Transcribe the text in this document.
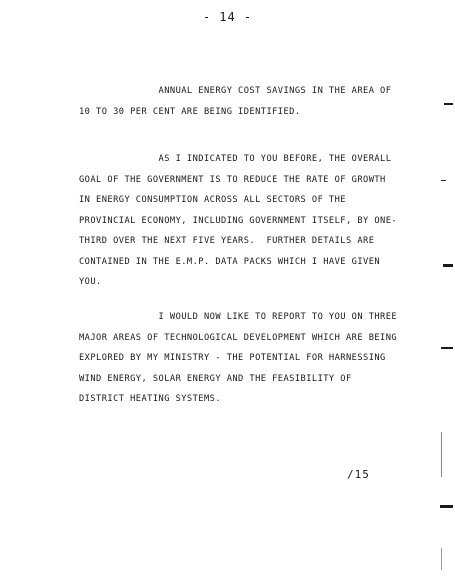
- 14 -

ANNUAL ENERGY COST SAVINGS IN THE AREA OF
10 TO 30 PER CENT ARE BEING IDENTIFIED.

AS I INDICATED TO YOU BEFORE, THE OVERALL
GOAL OF THE GOVERNMENT IS TO REDUCE THE RATE OF GROWTH
IN ENERGY CONSUMPTION ACROSS ALL SECTORS OF THE
PROVINCIAL ECONOMY, INCLUDING GOVERNMENT ITSELF, BY ONE-
THIRD OVER THE NEXT FIVE YEARS.  FURTHER DETAILS ARE
CONTAINED IN THE E.M.P. DATA PACKS WHICH I HAVE GIVEN
YOU.

I WOULD NOW LIKE TO REPORT TO YOU ON THREE
MAJOR AREAS OF TECHNOLOGICAL DEVELOPMENT WHICH ARE BEING
EXPLORED BY MY MINISTRY - THE POTENTIAL FOR HARNESSING
WIND ENERGY, SOLAR ENERGY AND THE FEASIBILITY OF
DISTRICT HEATING SYSTEMS.

/15
